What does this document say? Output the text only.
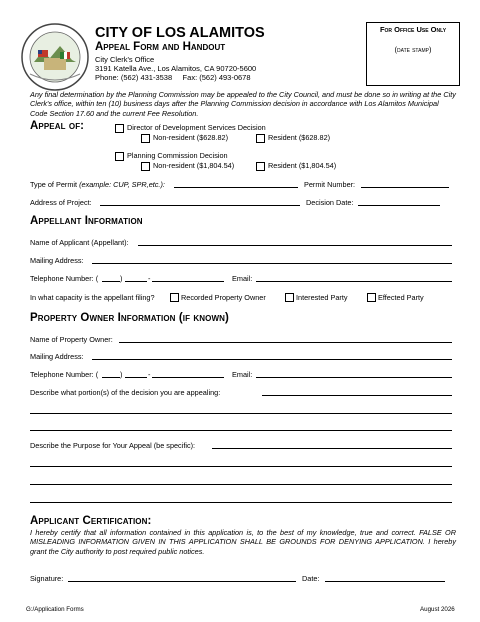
CITY OF LOS ALAMITOS
Appeal Form and Handout
City Clerk's Office
3191 Katella Ave., Los Alamitos, CA 90720-5600
Phone: (562) 431-3538     Fax: (562) 493-0678
For Office Use Only
(date stamp)
Any final determination by the Planning Commission may be appealed to the City Council, and must be done so in writing at the City Clerk's office, within ten (10) business days after the Planning Commission decision in accordance with Los Alamitos Municipal Code Section 17.60 and the current Fee Resolution.
Appeal of:	Director of Development Services Decision
Non-resident ($628.82)	Resident ($628.82)
Planning Commission Decision
Non-resident ($1,804.54)	Resident ($1,804.54)
Type of Permit (example: CUP, SPR,etc.):	Permit Number:
Address of Project:	Decision Date:
Appellant Information
Name of Applicant (Appellant):
Mailing Address:
Telephone Number: (	)	-	Email:
In what capacity is the appellant filing?	Recorded Property Owner	Interested Party	Effected Party
Property Owner Information (if known)
Name of Property Owner:
Mailing Address:
Telephone Number: (	)	-	Email:
Describe what portion(s) of the decision you are appealing:
Describe the Purpose for Your Appeal (be specific):
Applicant Certification:
I hereby certify that all information contained in this application is, to the best of my knowledge, true and correct. FALSE OR MISLEADING INFORMATION GIVEN IN THIS APPLICATION SHALL BE GROUNDS FOR DENYING APPLICATION. I hereby grant the City authority to post required public notices.
Signature:	Date:
G:/Application Forms	August 2026
